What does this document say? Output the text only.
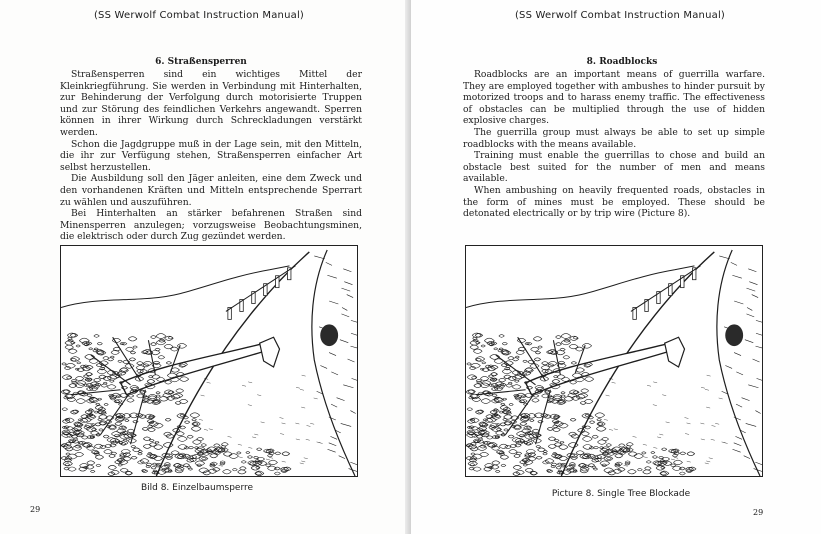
(SS Werwolf Combat Instruction Manual)
6. Straßensperren

Straßensperren sind ein wichtiges Mittel der Kleinkriegführung. Sie werden in Verbindung mit Hinterhalten, zur Behinderung der Verfolgung durch motorisierte Truppen und zur Störung des feindlichen Verkehrs angewandt. Sperren können in ihrer Wirkung durch Schreckladungen verstärkt werden.

Schon die Jagdgruppe muß in der Lage sein, mit den Mitteln, die ihr zur Verfügung stehen, Straßensperren einfacher Art selbst herzustellen.

Die Ausbildung soll den Jäger anleiten, eine dem Zweck und den vorhandenen Kräften und Mitteln entsprechende Sperrart zu wählen und auszuführen.

Bei Hinterhalten an stärker befahrenen Straßen sind Minensperren anzulegen; vorzugsweise Beobachtungsminen, die elektrisch oder durch Zug gezündet werden.

Bild 8. Einzelbaumsperre
29
(SS Werwolf Combat Instruction Manual)
8. Roadblocks

Roadblocks are an important means of guerrilla warfare. They are employed together with ambushes to hinder pursuit by motorized troops and to harass enemy traffic. The effectiveness of obstacles can be multiplied through the use of hidden explosive charges.

The guerrilla group must always be able to set up simple roadblocks with the means available.

Training must enable the guerrillas to chose and build an obstacle best suited for the number of men and means available.

When ambushing on heavily frequented roads, obstacles in the form of mines must be employed. These should be detonated electrically or by trip wire (Picture 8).

Picture 8. Single Tree Blockade
29
